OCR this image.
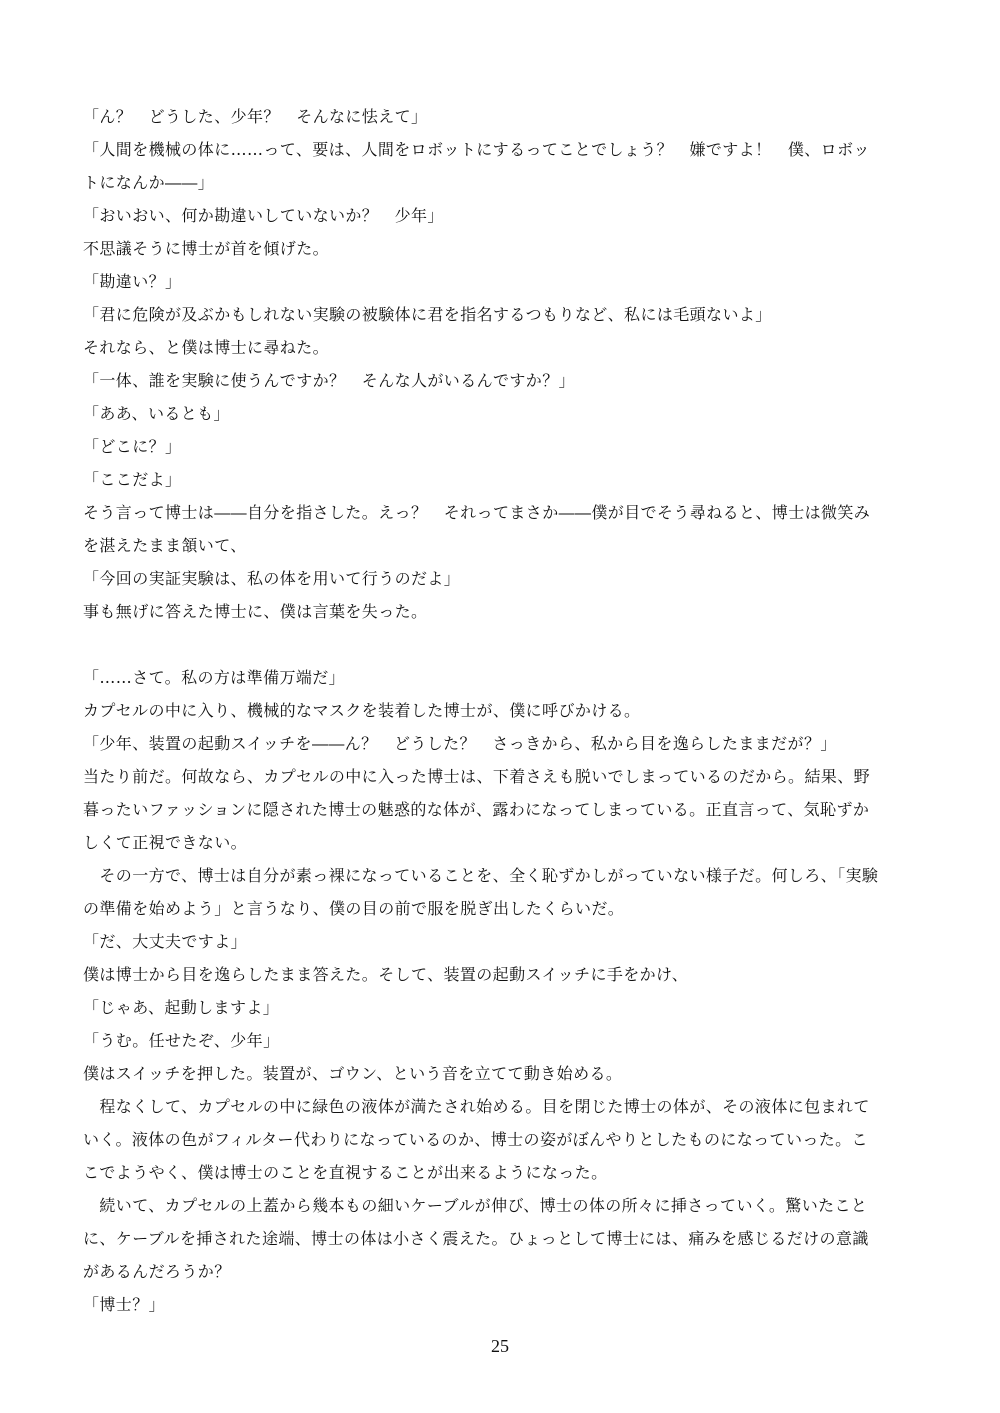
「ん？　どうした、少年？　そんなに怯えて」
「人間を機械の体に……って、要は、人間をロボットにするってことでしょう？　嫌ですよ！　僕、ロボッ
トになんか――」
「おいおい、何か勘違いしていないか？　少年」
不思議そうに博士が首を傾げた。
「勘違い？」
「君に危険が及ぶかもしれない実験の被験体に君を指名するつもりなど、私には毛頭ないよ」
それなら、と僕は博士に尋ねた。
「一体、誰を実験に使うんですか？　そんな人がいるんですか？」
「ああ、いるとも」
「どこに？」
「ここだよ」
そう言って博士は――自分を指さした。えっ？　それってまさか――僕が目でそう尋ねると、博士は微笑み
を湛えたまま頷いて、
「今回の実証実験は、私の体を用いて行うのだよ」
事も無げに答えた博士に、僕は言葉を失った。
「……さて。私の方は準備万端だ」
カプセルの中に入り、機械的なマスクを装着した博士が、僕に呼びかける。
「少年、装置の起動スイッチを――ん？　どうした？　さっきから、私から目を逸らしたままだが？」
当たり前だ。何故なら、カプセルの中に入った博士は、下着さえも脱いでしまっているのだから。結果、野
暮ったいファッションに隠された博士の魅惑的な体が、露わになってしまっている。正直言って、気恥ずか
しくて正視できない。
　その一方で、博士は自分が素っ裸になっていることを、全く恥ずかしがっていない様子だ。何しろ、「実験
の準備を始めよう」と言うなり、僕の目の前で服を脱ぎ出したくらいだ。
「だ、大丈夫ですよ」
僕は博士から目を逸らしたまま答えた。そして、装置の起動スイッチに手をかけ、
「じゃあ、起動しますよ」
「うむ。任せたぞ、少年」
僕はスイッチを押した。装置が、ゴウン、という音を立てて動き始める。
　程なくして、カプセルの中に緑色の液体が満たされ始める。目を閉じた博士の体が、その液体に包まれて
いく。液体の色がフィルター代わりになっているのか、博士の姿がぼんやりとしたものになっていった。こ
こでようやく、僕は博士のことを直視することが出来るようになった。
　続いて、カプセルの上蓋から幾本もの細いケーブルが伸び、博士の体の所々に挿さっていく。驚いたこと
に、ケーブルを挿された途端、博士の体は小さく震えた。ひょっとして博士には、痛みを感じるだけの意識
があるんだろうか？
「博士？」
25
